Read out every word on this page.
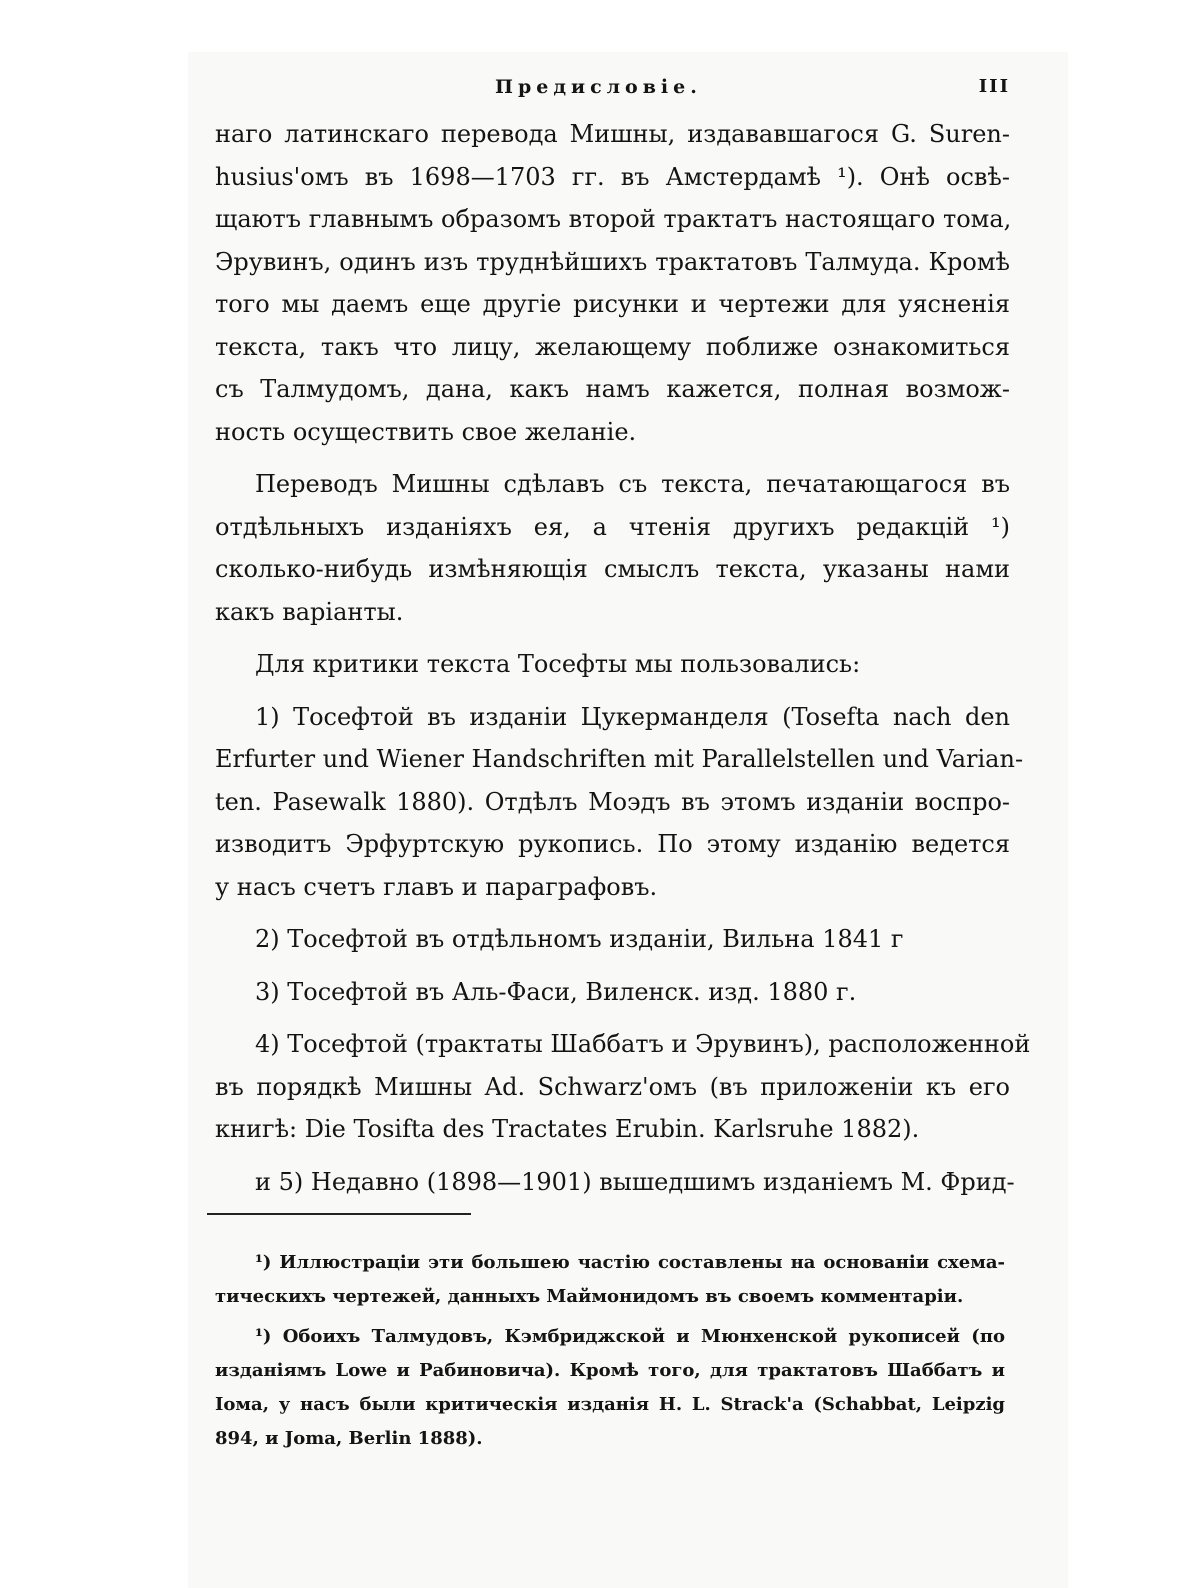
Предисловiе.	III
наго латинскаго перевода Мишны, издававшагося G. Suren-
husius'омъ въ 1698—1703 гг. въ Амстердамѣ ¹). Онѣ освѣ-
щаютъ главнымъ образомъ второй трактатъ настоящаго тома,
Эрувинъ, одинъ изъ труднѣйшихъ трактатовъ Талмуда. Кромѣ
того мы даемъ еще другiе рисунки и чертежи для уясненiя
текста, такъ что лицу, желающему поближе ознакомиться
съ Талмудомъ, дана, какъ намъ кажется, полная возмож-
ность осуществить свое желанiе.
Переводъ Мишны сдѣлавъ съ текста, печатающагося въ
отдѣльныхъ изданiяхъ ея, а чтенiя другихъ редакцiй ¹)
сколько-нибудь измѣняющiя смыслъ текста, указаны нами
какъ варiанты.
Для критики текста Тосефты мы пользовались:
1) Тосефтой въ изданiи Цукерманделя (Tosefta nach den
Erfurter und Wiener Handschriften mit Parallelstellen und Varian-
ten. Pasewalk 1880). Отдѣлъ Моэдъ въ этомъ изданiи воспро-
изводитъ Эрфуртскую рукопись. По этому изданiю ведется
у насъ счетъ главъ и параграфовъ.
2) Тосефтой въ отдѣльномъ изданiи, Вильна 1841 г
3) Тосефтой въ Аль-Фаси, Виленск. изд. 1880 г.
4) Тосефтой (трактаты Шаббатъ и Эрувинъ), расположенной
въ порядкѣ Мишны Ad. Schwarz'омъ (въ приложенiи къ его
книгѣ: Die Tosifta des Tractates Erubin. Karlsruhe 1882).
и 5) Недавно (1898—1901) вышедшимъ изданiемъ М. Фрид-
¹) Иллюстрацiи эти большею частiю составлены на основанiи схема-
тическихъ чертежей, данныхъ Маймонидомъ въ своемъ комментарiи.
¹) Обоихъ Талмудовъ, Кэмбриджской и Мюнхенской рукописей (по
изданiямъ Lowe и Рабиновича). Кромѣ того, для трактатовъ Шаббатъ и
Iома, у насъ были критическiя изданiя H. L. Strack'а (Schabbat, Leipzig
894, и Joma, Berlin 1888).
